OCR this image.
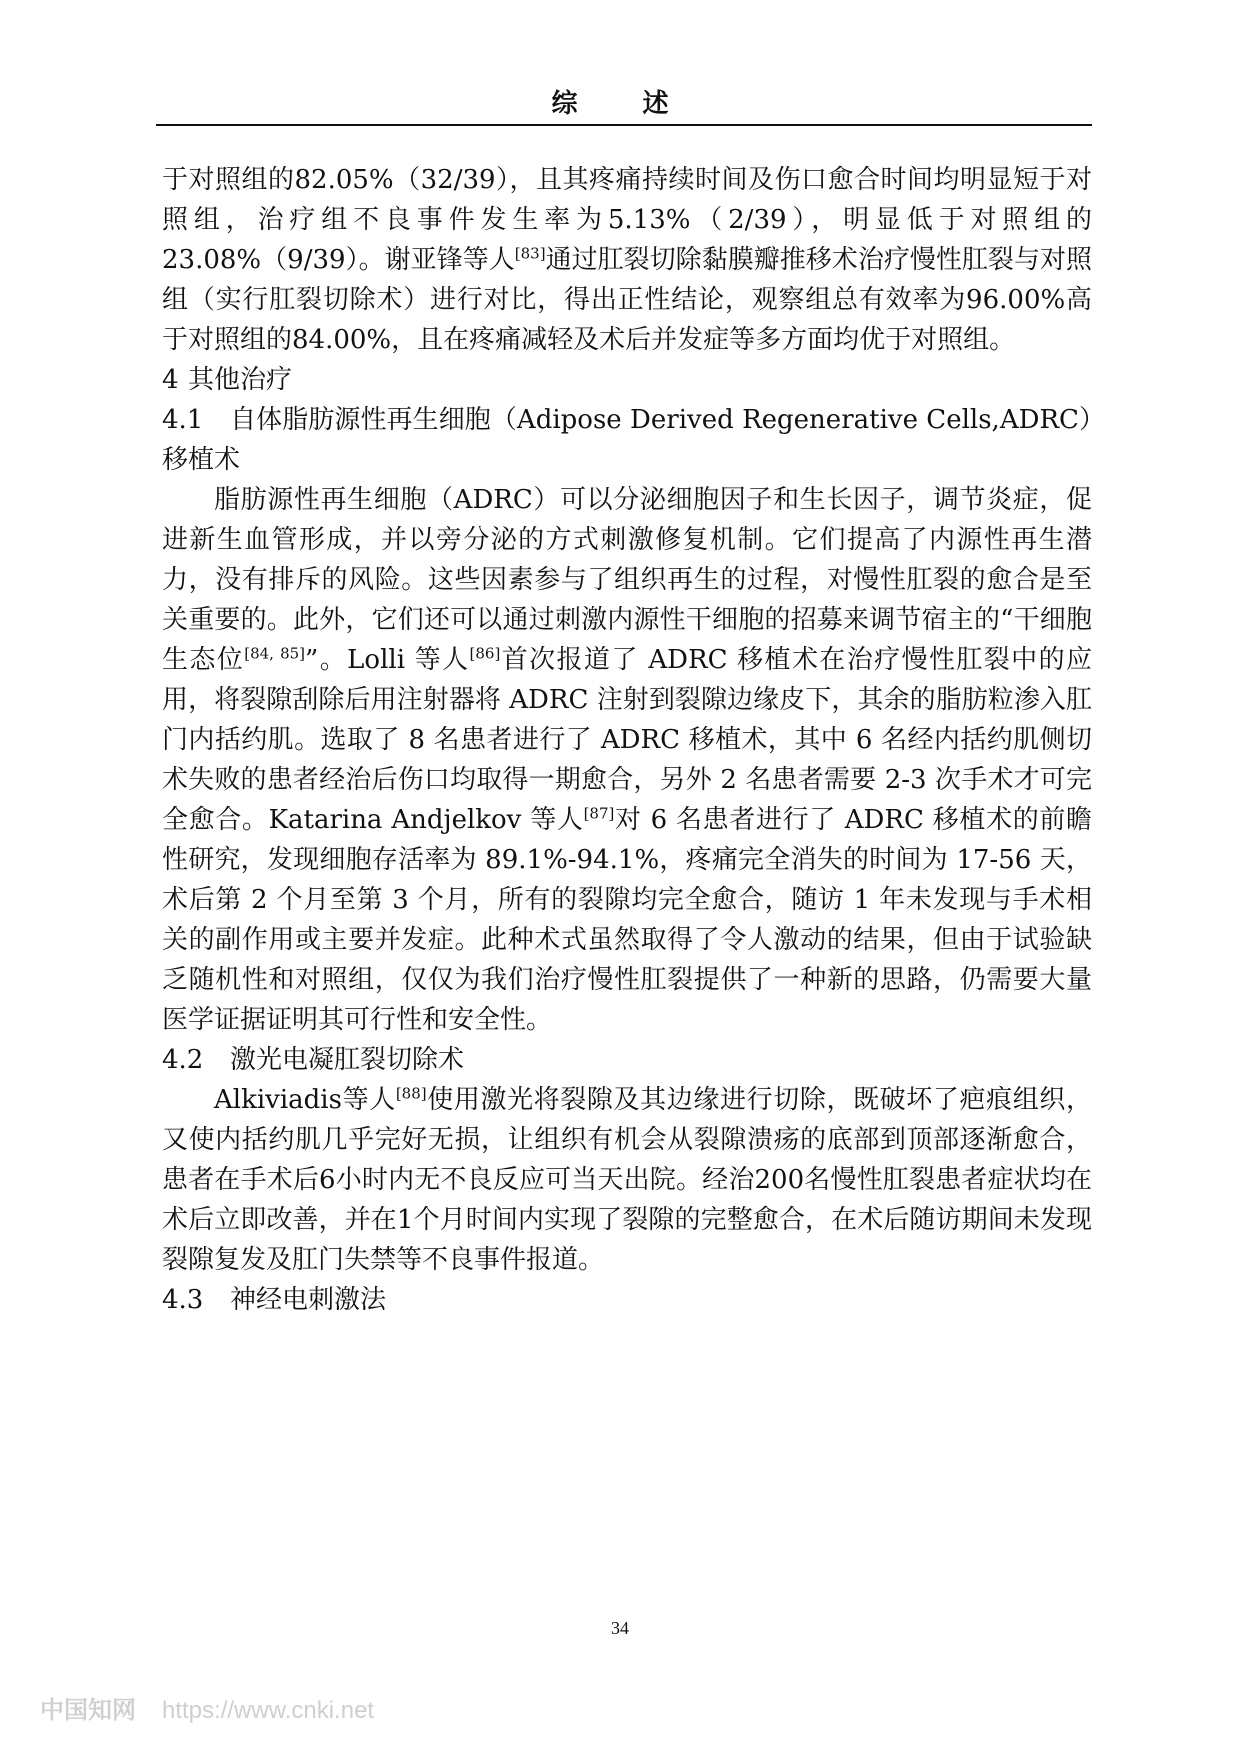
综 述

于对照组的82.05%（32/39），且其疼痛持续时间及伤口愈合时间均明显短于对照组，治疗组不良事件发生率为5.13%（2/39），明显低于对照组的23.08%（9/39）。谢亚锋等人[83]通过肛裂切除黏膜瓣推移术治疗慢性肛裂与对照组（实行肛裂切除术）进行对比，得出正性结论，观察组总有效率为96.00%高于对照组的84.00%，且在疼痛减轻及术后并发症等多方面均优于对照组。

4 其他治疗

4.1 自体脂肪源性再生细胞（Adipose Derived Regenerative Cells,ADRC）移植术

脂肪源性再生细胞（ADRC）可以分泌细胞因子和生长因子，调节炎症，促进新生血管形成，并以旁分泌的方式刺激修复机制。它们提高了内源性再生潜力，没有排斥的风险。这些因素参与了组织再生的过程，对慢性肛裂的愈合是至关重要的。此外，它们还可以通过刺激内源性干细胞的招募来调节宿主的“干细胞生态位[84, 85]”。Lolli 等人[86]首次报道了 ADRC 移植术在治疗慢性肛裂中的应用，将裂隙刮除后用注射器将 ADRC 注射到裂隙边缘皮下，其余的脂肪粒渗入肛门内括约肌。选取了 8 名患者进行了 ADRC 移植术，其中 6 名经内括约肌侧切术失败的患者经治后伤口均取得一期愈合，另外 2 名患者需要 2-3 次手术才可完全愈合。Katarina Andjelkov 等人[87]对 6 名患者进行了 ADRC 移植术的前瞻性研究，发现细胞存活率为 89.1%-94.1%，疼痛完全消失的时间为 17-56 天，术后第 2 个月至第 3 个月，所有的裂隙均完全愈合，随访 1 年未发现与手术相关的副作用或主要并发症。此种术式虽然取得了令人激动的结果，但由于试验缺乏随机性和对照组，仅仅为我们治疗慢性肛裂提供了一种新的思路，仍需要大量医学证据证明其可行性和安全性。

4.2 激光电凝肛裂切除术

Alkiviadis等人[88]使用激光将裂隙及其边缘进行切除，既破坏了疤痕组织，又使内括约肌几乎完好无损，让组织有机会从裂隙溃疡的底部到顶部逐渐愈合，患者在手术后6小时内无不良反应可当天出院。经治200名慢性肛裂患者症状均在术后立即改善，并在1个月时间内实现了裂隙的完整愈合，在术后随访期间未发现裂隙复发及肛门失禁等不良事件报道。

4.3 神经电刺激法

34
中国知网 https://www.cnki.net
